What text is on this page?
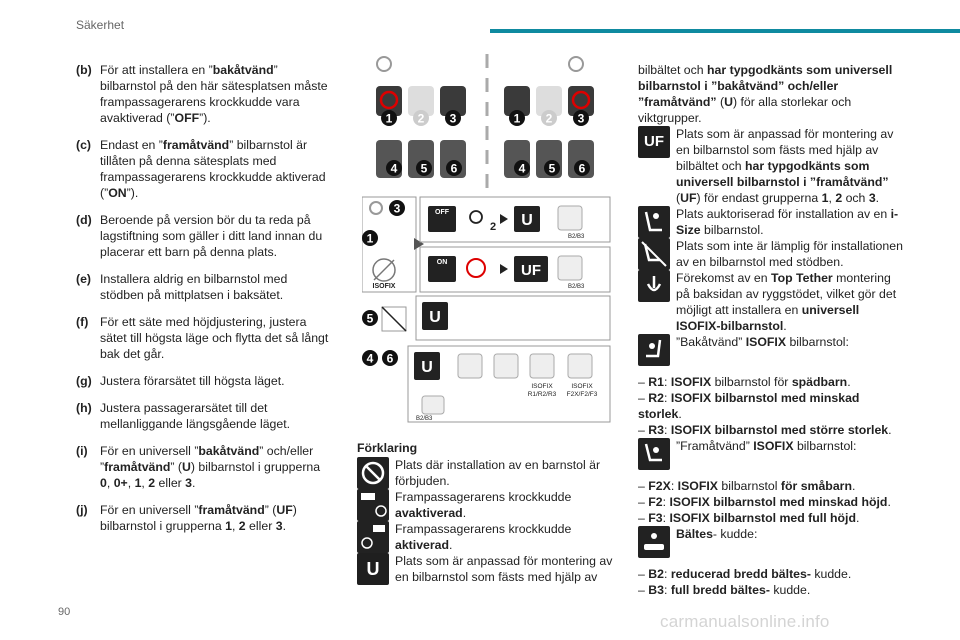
Säkerhet
(b) För att installera en ”bakåtvänd” bilbarnstol på den här sätesplatsen måste frampassagerarens krockkudde vara avaktiverad (”OFF”).
(c) Endast en ”framåtvänd” bilbarnstol är tillåten på denna sätesplats med frampassagerarens krockkudde aktiverad (”ON”).
(d) Beroende på version bör du ta reda på lagstiftning som gäller i ditt land innan du placerar ett barn på denna plats.
(e) Installera aldrig en bilbarnstol med stödben på mittplatsen i baksätet.
(f) För ett säte med höjdjustering, justera sätet till högsta läge och flytta det så långt bak det går.
(g) Justera förarsätet till högsta läget.
(h) Justera passagerarsätet till det mellanliggande längsgående läget.
(i)	För en universell ”bakåtvänd” och/eller ”framåtvänd” (U) bilbarnstol i grupperna 0, 0+, 1, 2 eller 3.
(j)	För en universell ”framåtvänd” (UF) bilbarnstol i grupperna 1, 2 eller 3.
1 2 3
4 5 6
1 2 3
4 5 6
3
1
ISOFIX
OFF
2 U
B2/B3
ON	UF
B2/B3
5	U
4 6
U
ISOFIX
R1/R2/R3
ISOFIX
F2X/F2/F3
B2/B3
Förklaring
Plats där installation av en barnstol är förbjuden.
Frampassagerarens krockkudde avaktiverad.
Frampassagerarens krockkudde aktiverad.
U	Plats som är anpassad för montering av en bilbarnstol som fästs med hjälp av

bilbältet och har typgodkänts som universell bilbarnstol i ”bakåtvänd” och/eller ”framåtvänd” (U) för alla storlekar och viktgrupper.

UF Plats som är anpassad för montering av en bilbarnstol som fästs med hjälp av bilbältet och har typgodkänts som universell bilbarnstol i ”framåtvänd” (UF) för endast grupperna 1, 2 och 3.
Plats auktoriserad för installation av en i-Size bilbarnstol.
Plats som inte är lämplig för installationen av en bilbarnstol med stödben.
Förekomst av en Top Tether montering på baksidan av ryggstödet, vilket gör det möjligt att installera en universell ISOFIX-bilbarnstol.
”Bakåtvänd” ISOFIX bilbarnstol:

– R1: ISOFIX bilbarnstol för spädbarn.

– R2: ISOFIX bilbarnstol med minskad storlek.

– R3: ISOFIX bilbarnstol med större storlek.

”Framåtvänd” ISOFIX bilbarnstol:

– F2X: ISOFIX bilbarnstol för småbarn.

– F2: ISOFIX bilbarnstol med minskad höjd.

– F3: ISOFIX bilbarnstol med full höjd.

Bältes- kudde:

– B2: reducerad bredd bältes- kudde.

– B3: full bredd bältes- kudde.

90	carmanualsonline.info
